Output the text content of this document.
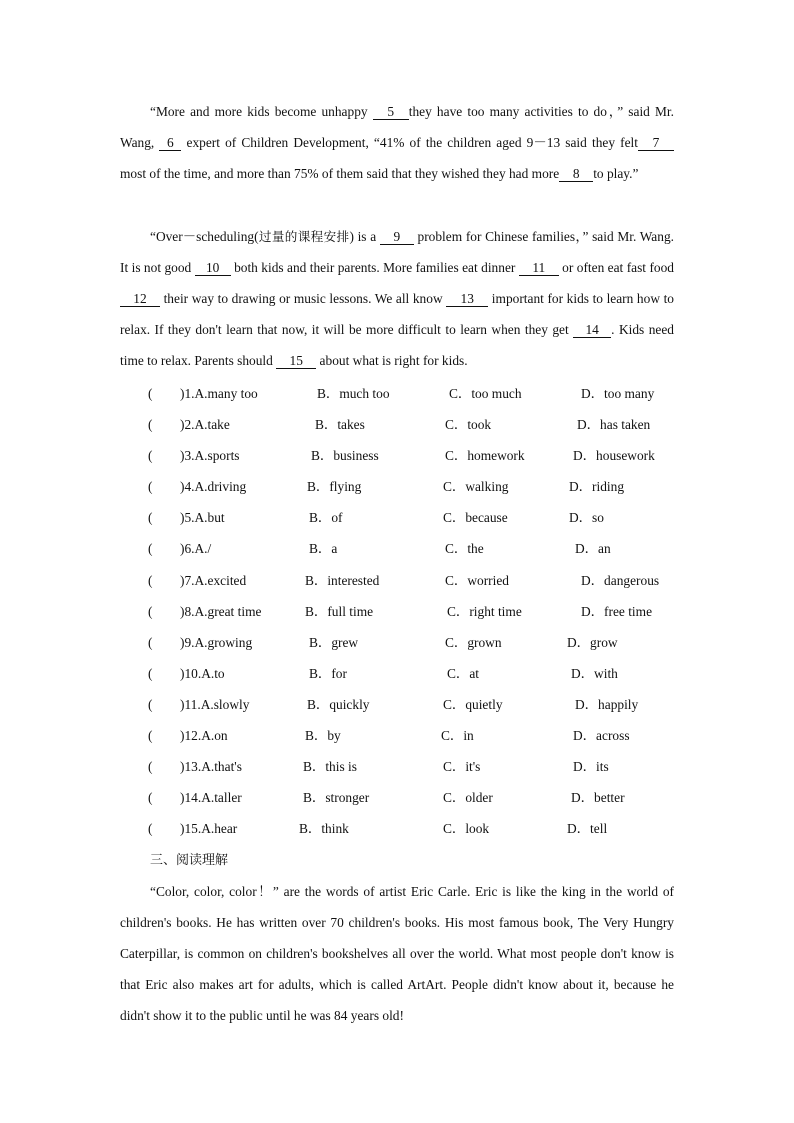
“More and more kids become unhappy 5 they have too many activities to do，” said Mr. Wang, 6 expert of Children Development, “41% of the children aged 9－13 said they felt 7 most of the time, and more than 75% of them said that they wished they had more 8 to play.”

“Over－scheduling(过量的课程安排) is a 9 problem for Chinese families，” said Mr. Wang. It is not good 10 both kids and their parents. More families eat dinner 11 or often eat fast food 12 their way to drawing or music lessons. We all know 13 important for kids to learn how to relax. If they don't learn that now, it will be more difficult to learn when they get 14 . Kids need time to relax. Parents should 15 about what is right for kids.

( )1.A.many too	B．much too	C．too much	D．too many
( )2.A.take	B．takes	C．took	D．has taken
( )3.A.sports	B．business	C．homework	D．housework
( )4.A.driving	B．flying	C．walking	D．riding
( )5.A.but	B．of	C．because	D．so
( )6.A./	B．a	C．the	D．an
( )7.A.excited	B．interested	C．worried	D．dangerous
( )8.A.great time	B．full time	C．right time	D．free time
( )9.A.growing	B．grew	C．grown	D．grow
( )10.A.to	B．for	C．at	D．with
( )11.A.slowly	B．quickly	C．quietly	D．happily
( )12.A.on	B．by	C．in	D．across
( )13.A.that's	B．this is	C．it's	D．its
( )14.A.taller	B．stronger	C．older	D．better
( )15.A.hear	B．think	C．look	D．tell
三、阅读理解

“Color, color, color！” are the words of artist Eric Carle. Eric is like the king in the world of children's books. He has written over 70 children's books. His most famous book, The Very Hungry Caterpillar, is common on children's bookshelves all over the world. What most people don't know is that Eric also makes art for adults, which is called ArtArt. People didn't know about it, because he didn't show it to the public until he was 84 years old!
